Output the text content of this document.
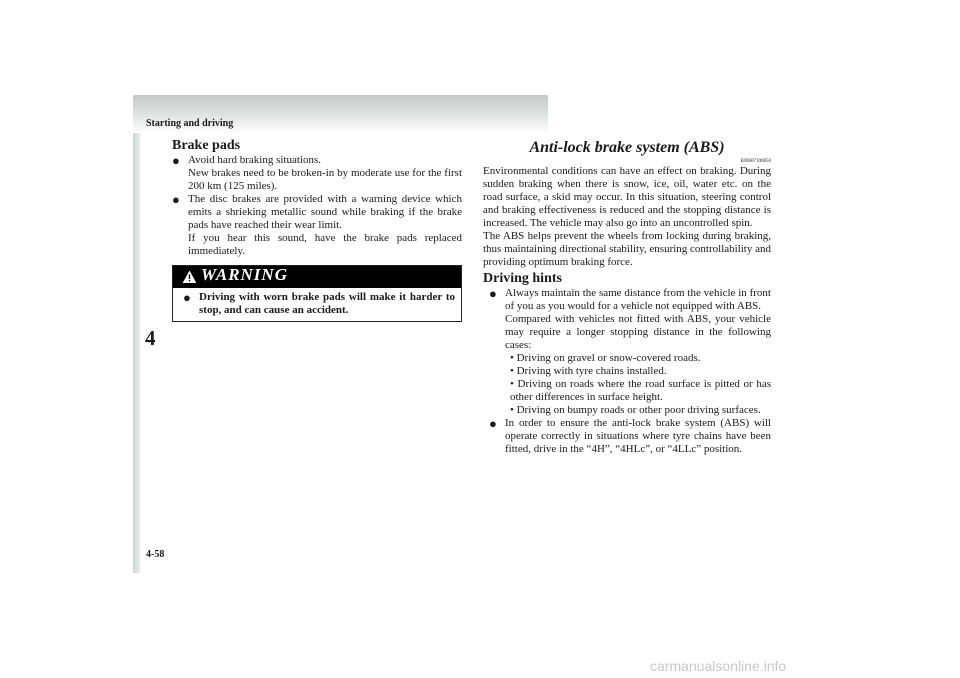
Starting and driving
4
4-58
Brake pads
● Avoid hard braking situations.

New brakes need to be broken-in by moderate use for the first 200 km (125 miles).

● The disc brakes are provided with a warning device which emits a shrieking metallic sound while braking if the brake pads have reached their wear limit.

If you hear this sound, have the brake pads replaced immediately.

WARNING
● Driving with worn brake pads will make it harder to stop, and can cause an accident.

Anti-lock brake system (ABS)
E00607100850

Environmental conditions can have an effect on braking. During sudden braking when there is snow, ice, oil, water etc. on the road surface, a skid may occur. In this situation, steering control and braking effectiveness is reduced and the stopping distance is increased. The vehicle may also go into an uncontrolled spin.

The ABS helps prevent the wheels from locking during braking, thus maintaining directional stability, ensuring controllability and providing optimum braking force.

Driving hints
● Always maintain the same distance from the vehicle in front of you as you would for a vehicle not equipped with ABS.

Compared with vehicles not fitted with ABS, your vehicle may require a longer stopping distance in the following cases:

• Driving on gravel or snow-covered roads.

• Driving with tyre chains installed.

• Driving on roads where the road surface is pitted or has other differences in surface height.

• Driving on bumpy roads or other poor driving surfaces.

● In order to ensure the anti-lock brake system (ABS) will operate correctly in situations where tyre chains have been fitted, drive in the “4H”, “4HLc”, or “4LLc” position.

carmanualsonline.info
